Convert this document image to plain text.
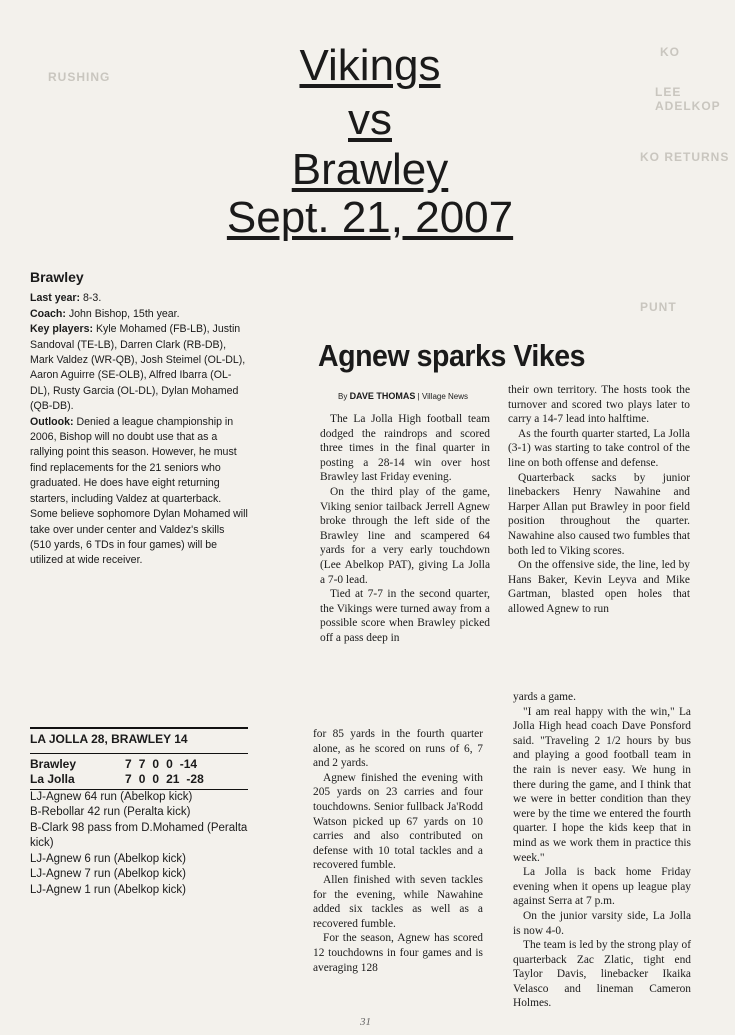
KO
LEE ADELKOP
KO RETURNS
PUNT
RUSHING	Vikings
vs
Brawley
Sept. 21, 2007
Brawley
Last year: 8-3.
Coach: John Bishop, 15th year.
Key players: Kyle Mohamed (FB-LB), Justin Sandoval (TE-LB), Darren Clark (RB-DB), Mark Valdez (WR-QB), Josh Steimel (OL-DL), Aaron Aguirre (SE-OLB), Alfred Ibarra (OL-DL), Rusty Garcia (OL-DL), Dylan Mohamed (QB-DB).
Outlook: Denied a league championship in 2006, Bishop will no doubt use that as a rallying point this season. However, he must find replacements for the 21 seniors who graduated. He does have eight returning starters, including Valdez at quarterback. Some believe sophomore Dylan Mohamed will take over under center and Valdez's skills (510 yards, 6 TDs in four games) will be utilized at wide receiver.
Agnew sparks Vikes
By DAVE THOMAS | Village News

The La Jolla High football team dodged the raindrops and scored three times in the final quarter in posting a 28-14 win over host Brawley last Friday evening.

On the third play of the game, Viking senior tailback Jerrell Agnew broke through the left side of the Brawley line and scampered 64 yards for a very early touchdown (Lee Abelkop PAT), giving La Jolla a 7-0 lead.

Tied at 7-7 in the second quarter, the Vikings were turned away from a possible score when Brawley picked off a pass deep in

their own territory. The hosts took the turnover and scored two plays later to carry a 14-7 lead into halftime.

As the fourth quarter started, La Jolla (3-1) was starting to take control of the line on both offense and defense.

Quarterback sacks by junior linebackers Henry Nawahine and Harper Allan put Brawley in poor field position throughout the quarter. Nawahine also caused two fumbles that both led to Viking scores.

On the offensive side, the line, led by Hans Baker, Kevin Leyva and Mike Gartman, blasted open holes that allowed Agnew to run

for 85 yards in the fourth quarter alone, as he scored on runs of 6, 7 and 2 yards.

Agnew finished the evening with 205 yards on 23 carries and four touchdowns. Senior fullback Ja'Rodd Watson picked up 67 yards on 10 carries and also contributed on defense with 10 total tackles and a recovered fumble.

Allen finished with seven tackles for the evening, while Nawahine added six tackles as well as a recovered fumble.

For the season, Agnew has scored 12 touchdowns in four games and is averaging 128

yards a game.

"I am real happy with the win," La Jolla High head coach Dave Ponsford said. "Traveling 2 1/2 hours by bus and playing a good football team in the rain is never easy. We hung in there during the game, and I think that we were in better condition than they were by the time we entered the fourth quarter. I hope the kids keep that in mind as we work them in practice this week."

La Jolla is back home Friday evening when it opens up league play against Serra at 7 p.m.

On the junior varsity side, La Jolla is now 4-0.

The team is led by the strong play of quarterback Zac Zlatic, tight end Taylor Davis, linebacker Ikaika Velasco and lineman Cameron Holmes.

LA JOLLA 28, BRAWLEY 14
Brawley	7 7 0 0 -14
La Jolla	7 0 0 21 -28
LJ-Agnew 64 run (Abelkop kick)
B-Rebollar 42 run (Peralta kick)
B-Clark 98 pass from D.Mohamed (Peralta kick)
LJ-Agnew 6 run (Abelkop kick)
LJ-Agnew 7 run (Abelkop kick)
LJ-Agnew 1 run (Abelkop kick)
31
